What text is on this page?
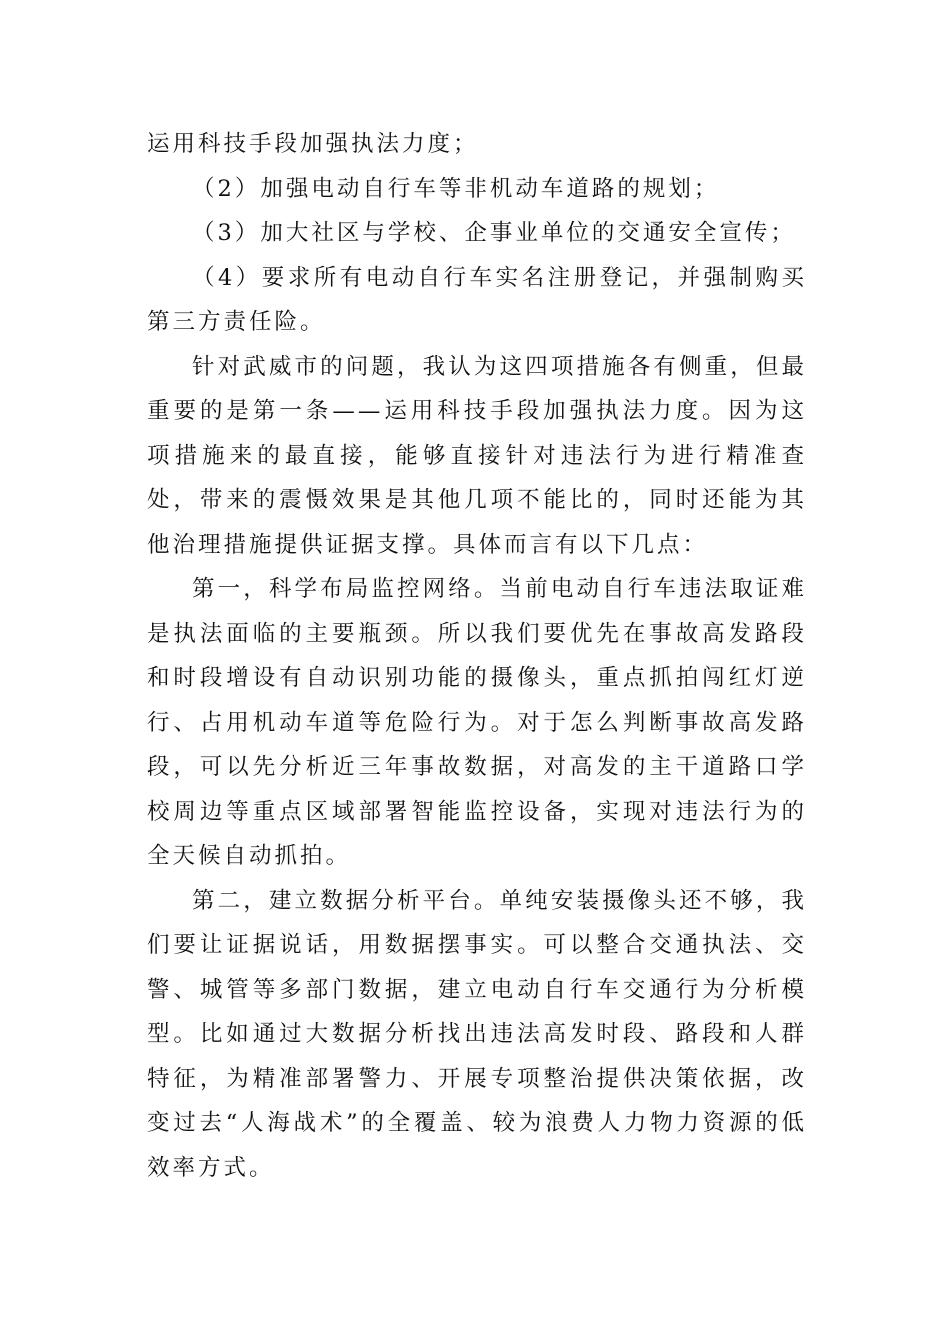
运用科技手段加强执法力度；

（2）加强电动自行车等非机动车道路的规划；

（3）加大社区与学校、企事业单位的交通安全宣传；

（4）要求所有电动自行车实名注册登记，并强制购买第三方责任险。

针对武威市的问题，我认为这四项措施各有侧重，但最重要的是第一条——运用科技手段加强执法力度。因为这项措施来的最直接，能够直接针对违法行为进行精准查处，带来的震慑效果是其他几项不能比的，同时还能为其他治理措施提供证据支撑。具体而言有以下几点：

第一，科学布局监控网络。当前电动自行车违法取证难是执法面临的主要瓶颈。所以我们要优先在事故高发路段和时段增设有自动识别功能的摄像头，重点抓拍闯红灯逆行、占用机动车道等危险行为。对于怎么判断事故高发路段，可以先分析近三年事故数据，对高发的主干道路口学校周边等重点区域部署智能监控设备，实现对违法行为的全天候自动抓拍。

第二，建立数据分析平台。单纯安装摄像头还不够，我们要让证据说话，用数据摆事实。可以整合交通执法、交警、城管等多部门数据，建立电动自行车交通行为分析模型。比如通过大数据分析找出违法高发时段、路段和人群特征，为精准部署警力、开展专项整治提供决策依据，改变过去“人海战术”的全覆盖、较为浪费人力物力资源的低效率方式。
